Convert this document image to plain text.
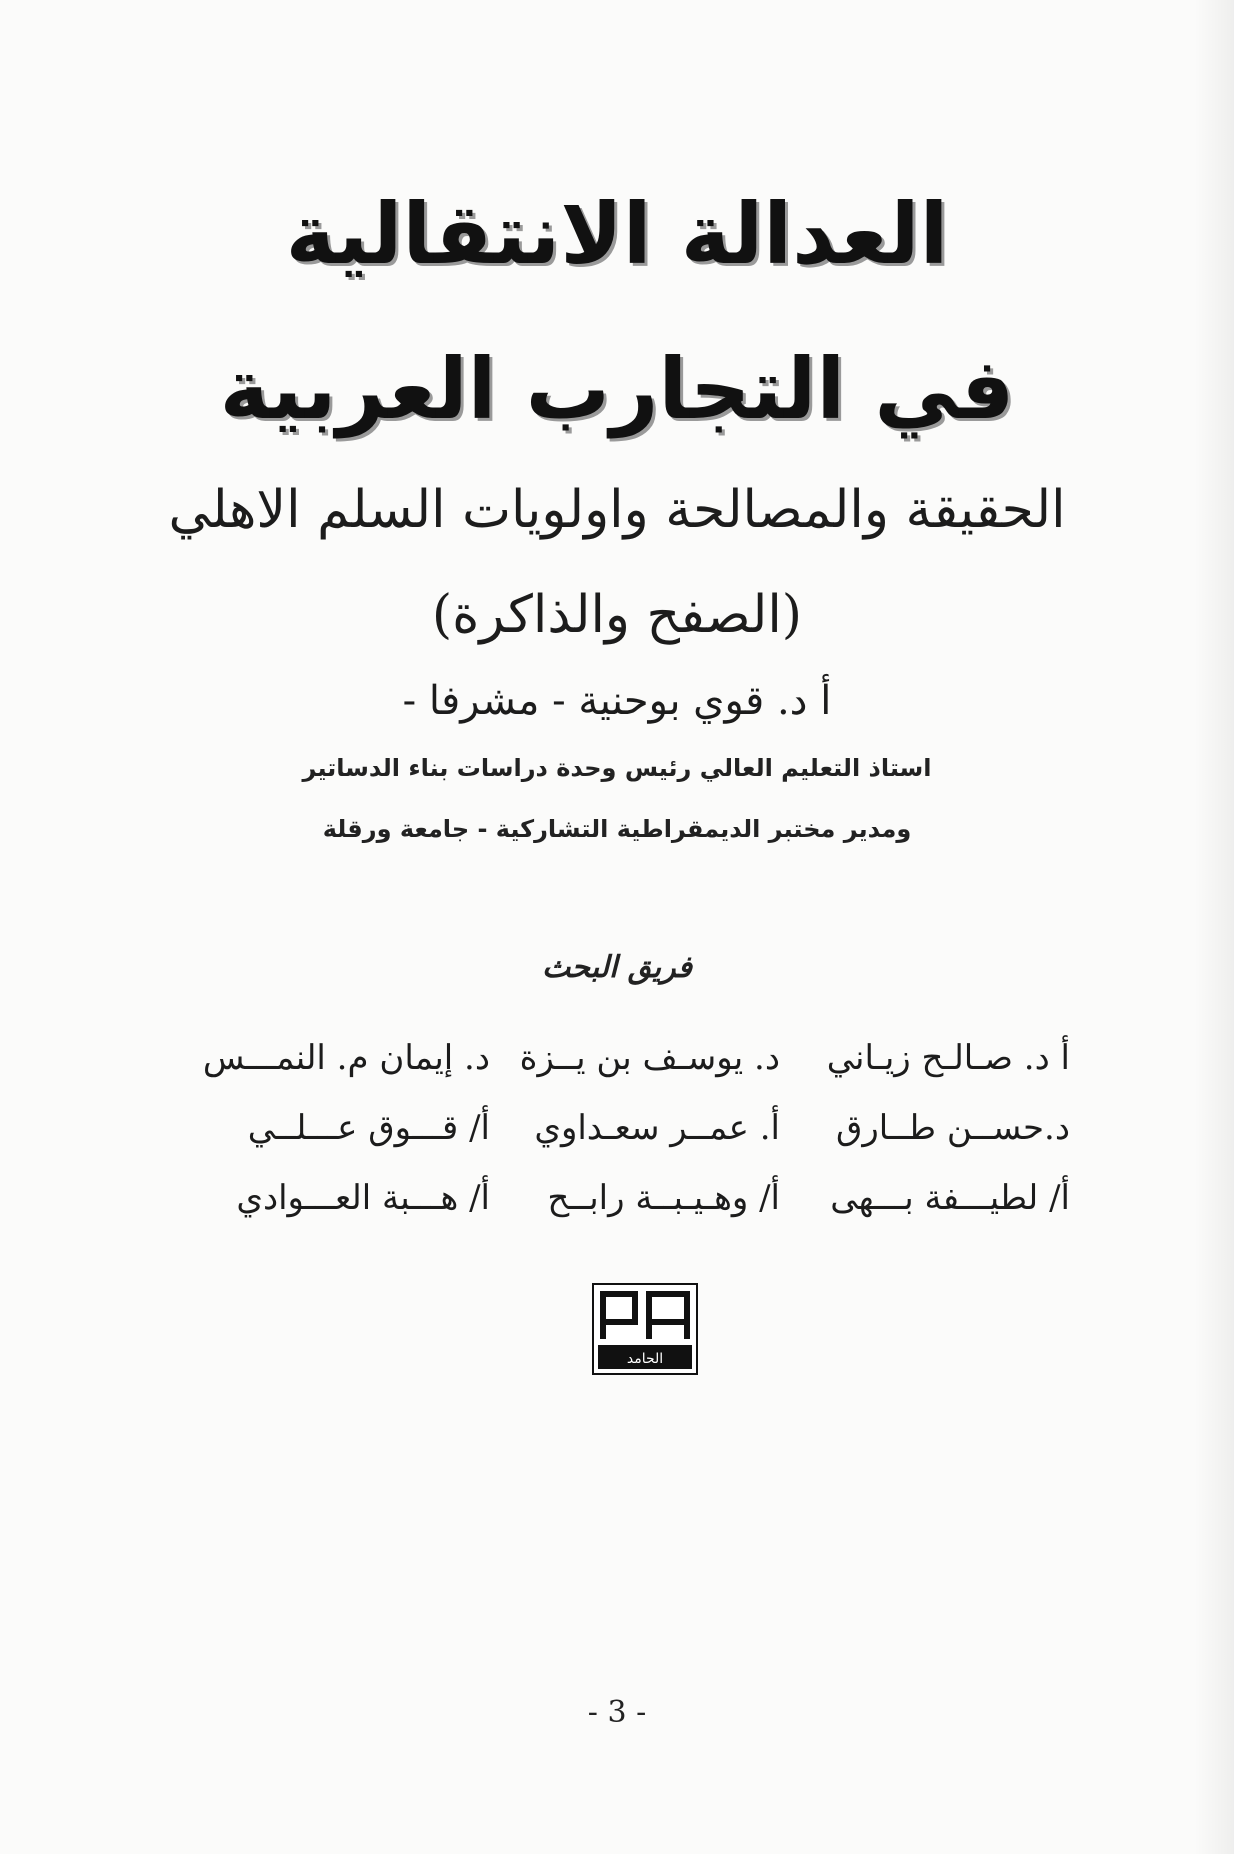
العدالة الانتقالية
في التجارب العربية
الحقيقة والمصالحة واولويات السلم الاهلي
(الصفح والذاكرة)
أ د. قوي بوحنية - مشرفا -
استاذ التعليم العالي رئيس وحدة دراسات بناء الدساتير
ومدير مختبر الديمقراطية التشاركية - جامعة ورقلة
فريق البحث
أ د. صـالـح زيـاني
د. يوسـف بن يــزة
د. إيمان م. النمـــس
د.حســن طــارق
أ. عمــر سعـداوي
أ/ قـــوق عـــلــي
أ/ لطيـــفة بـــهى
أ/ وهـيـبــة رابــح
أ/ هـــبة العـــوادي
الحامد
- 3 -
